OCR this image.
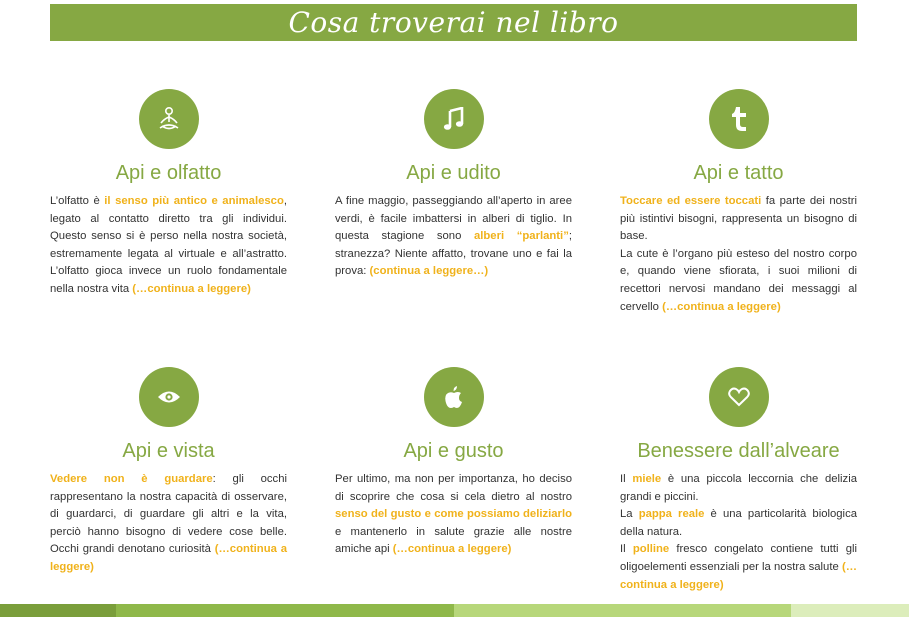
Cosa troverai nel libro
Api e olfatto

L’olfatto è il senso più antico e animalesco, legato al contatto diretto tra gli individui. Questo senso si è perso nella nostra società, estremamente legata al virtuale e all’astratto. L’olfatto gioca invece un ruolo fondamentale nella nostra vita (…continua a leggere)

Api e udito

A fine maggio, passeggiando all’aperto in aree verdi, è facile imbattersi in alberi di tiglio. In questa stagione sono alberi “parlanti”; stranezza? Niente affatto, trovane uno e fai la prova: (continua a leggere…)

Api e tatto

Toccare ed essere toccati fa parte dei nostri più istintivi bisogni, rappresenta un bisogno di base.

La cute è l’organo più esteso del nostro corpo e, quando viene sfiorata, i suoi milioni di recettori nervosi mandano dei messaggi al cervello (…continua a leggere)

Api e vista

Vedere non è guardare: gli occhi rappresentano la nostra capacità di osservare, di guardarci, di guardare gli altri e la vita, perciò hanno bisogno di vedere cose belle. Occhi grandi denotano curiosità (…continua a leggere)

Api e gusto

Per ultimo, ma non per importanza, ho deciso di scoprire che cosa si cela dietro al nostro senso del gusto e come possiamo deliziarlo e mantenerlo in salute grazie alle nostre amiche api (…continua a leggere)

Benessere dall’alveare

Il miele è una piccola leccornia che delizia grandi e piccini.

La pappa reale è una particolarità biologica della natura.

Il polline fresco congelato contiene tutti gli oligoelementi essenziali per la nostra salute (…continua a leggere)
